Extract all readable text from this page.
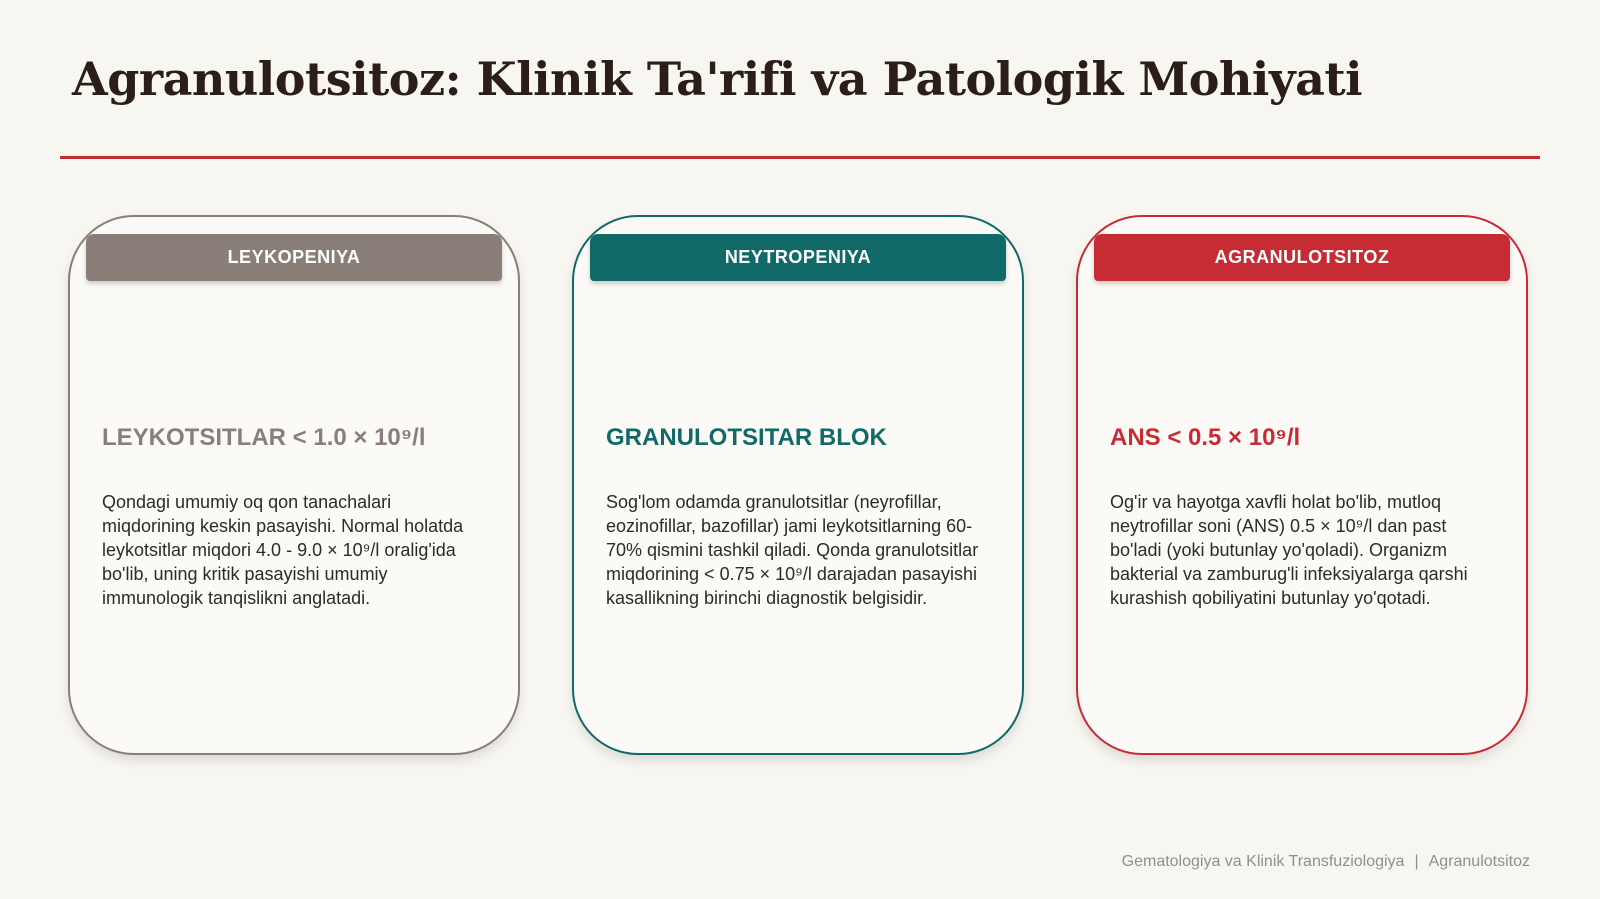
Agranulotsitoz: Klinik Ta'rifi va Patologik Mohiyati
LEYKOPENIYA

LEYKOTSITLAR < 1.0 × 10⁹/l

Qondagi umumiy oq qon tanachalari miqdorining keskin pasayishi. Normal holatda leykotsitlar miqdori 4.0 - 9.0 × 10⁹/l oralig'ida bo'lib, uning kritik pasayishi umumiy immunologik tanqislikni anglatadi.

NEYTROPENIYA

GRANULOTSITAR BLOK

Sog'lom odamda granulotsitlar (neyrofillar, eozinofillar, bazofillar) jami leykotsitlarning 60-70% qismini tashkil qiladi. Qonda granulotsitlar miqdorining < 0.75 × 10⁹/l darajadan pasayishi kasallikning birinchi diagnostik belgisidir.

AGRANULOTSITOZ

ANS < 0.5 × 10⁹/l

Og'ir va hayotga xavfli holat bo'lib, mutloq neytrofillar soni (ANS) 0.5 × 10⁹/l dan past bo'ladi (yoki butunlay yo'qoladi). Organizm bakterial va zamburug'li infeksiyalarga qarshi kurashish qobiliyatini butunlay yo'qotadi.

Gematologiya va Klinik Transfuziologiya | Agranulotsitoz
